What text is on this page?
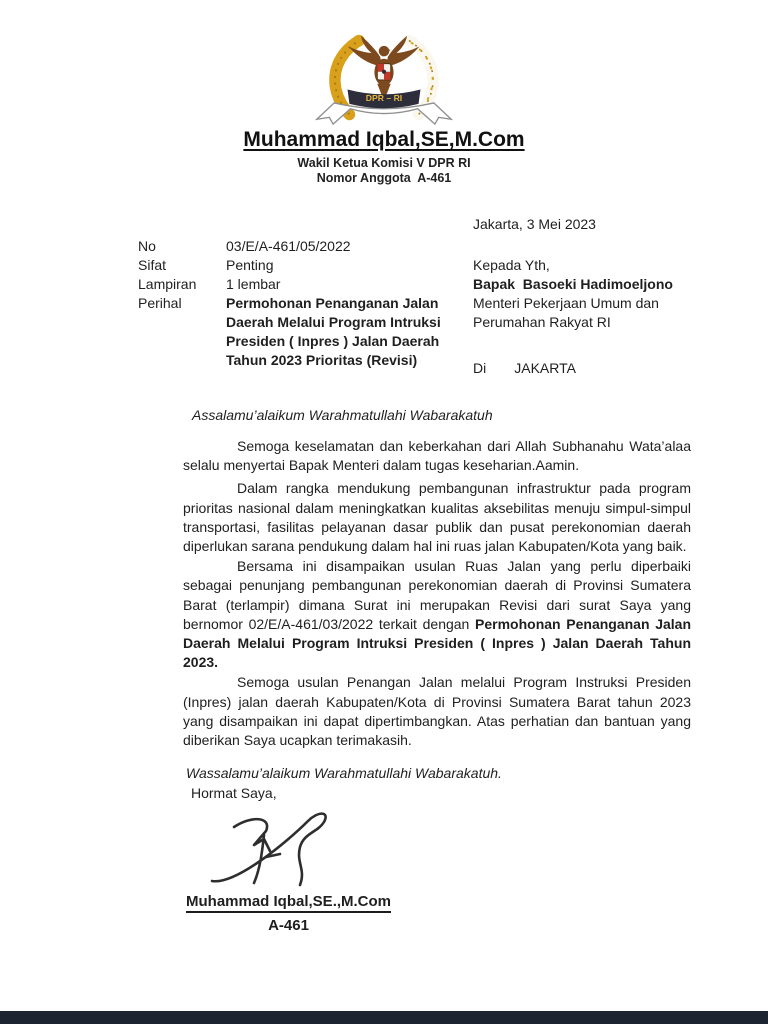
DPR – RI
Muhammad Iqbal,SE,M.Com
Wakil Ketua Komisi V DPR RI
Nomor Anggota  A-461
Jakarta, 3 Mei 2023
No	03/E/A-461/05/2022
Sifat	Penting
Lampiran	1 lembar
Perihal	Permohonan Penanganan Jalan Daerah Melalui Program Intruksi Presiden ( Inpres ) Jalan Daerah Tahun 2023 Prioritas (Revisi)
Kepada Yth,
Bapak  Basoeki Hadimoeljono
Menteri Pekerjaan Umum dan
Perumahan Rakyat RI
Di JAKARTA
Assalamu’alaikum Warahmatullahi Wabarakatuh

Semoga keselamatan dan keberkahan dari Allah Subhanahu Wata’alaa selalu menyertai Bapak Menteri dalam tugas keseharian.Aamin.

Dalam rangka mendukung pembangunan infrastruktur pada program prioritas nasional dalam meningkatkan kualitas aksebilitas menuju simpul-simpul transportasi, fasilitas pelayanan dasar publik dan pusat perekonomian daerah diperlukan sarana pendukung dalam hal ini ruas jalan Kabupaten/Kota yang baik.

Bersama ini disampaikan usulan Ruas Jalan yang perlu diperbaiki sebagai penunjang pembangunan perekonomian daerah di Provinsi Sumatera Barat (terlampir) dimana Surat ini merupakan Revisi dari surat Saya yang bernomor 02/E/A-461/03/2022 terkait dengan Permohonan Penanganan Jalan Daerah Melalui Program Intruksi Presiden ( Inpres ) Jalan Daerah Tahun 2023.

Semoga usulan Penangan Jalan melalui Program Instruksi Presiden (Inpres) jalan daerah Kabupaten/Kota di Provinsi Sumatera Barat tahun 2023 yang disampaikan ini dapat dipertimbangkan. Atas perhatian dan bantuan yang diberikan Saya ucapkan terimakasih.

Wassalamu’alaikum Warahmatullahi Wabarakatuh.
Hormat Saya,
Muhammad Iqbal,SE.,M.Com
A-461
